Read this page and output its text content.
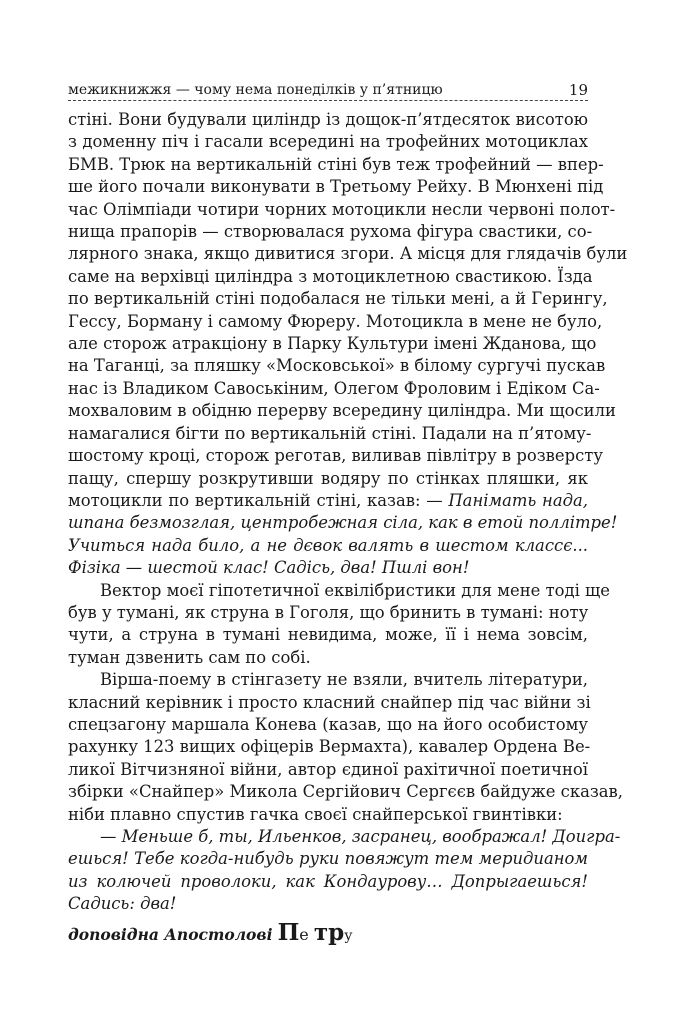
межикнижжя — чому нема понеділків у п’ятницю	19
стіні. Вони будували циліндр із дощок-п’ятдесяток висотою
з доменну піч і гасали всередині на трофейних мотоциклах
БМВ. Трюк на вертикальній стіні був теж трофейний — впер-
ше його почали виконувати в Третьому Рейху. В Мюнхені під
час Олімпіади чотири чорних мотоцикли несли червоні полот-
нища прапорів — створювалася рухома фігура свастики, со-
лярного знака, якщо дивитися згори. А місця для глядачів були
саме на верхівці циліндра з мотоциклетною свастикою. Їзда
по вертикальній стіні подобалася не тільки мені, а й Герингу,
Гессу, Борману і самому Фюреру. Мотоцикла в мене не було,
але сторож атракціону в Парку Культури імені Жданова, що
на Таганці, за пляшку «Московської» в білому сургучі пускав
нас із Владиком Савоськіним, Олегом Фроловим і Едіком Са-
мохваловим в обідню перерву всередину циліндра. Ми щосили
намагалися бігти по вертикальній стіні. Падали на п’ятому-
шостому кроці, сторож реготав, виливав півлітру в розверсту
пащу, спершу розкрутивши водяру по стінках пляшки, як
мотоцикли по вертикальній стіні, казав: — Панімать нада,
шпана безмозглая, центробежная сіла, как в етой поллітре!
Учиться нада било, а не дєвок валять в шестом классє...
Фізіка — шестой клас! Садісь, два! Пшлі вон!
Вектор моєї гіпотетичної еквілібристики для мене тоді ще
був у тумані, як струна в Гоголя, що бринить в тумані: ноту
чути, а струна в тумані невидима, може, її і нема зовсім,
туман дзвенить сам по собі.
Вірша-поему в стінгазету не взяли, вчитель літератури,
класний керівник і просто класний снайпер під час війни зі
спецзагону маршала Конева (казав, що на його особистому
рахунку 123 вищих офіцерів Вермахта), кавалер Ордена Ве-
ликої Вітчизняної війни, автор єдиної рахітичної поетичної
збірки «Снайпер» Микола Сергійович Сергєєв байдуже сказав,
ніби плавно спустив гачка своєї снайперської гвинтівки:
— Меньше б, ты, Ильенков, засранец, воображал! Доигра-
ешься! Тебе когда-нибудь руки повяжут тем меридианом
из колючей проволоки, как Кондаурову… Допрыгаешься!
Садись: два!
доповідна Апостолові Пе тру
